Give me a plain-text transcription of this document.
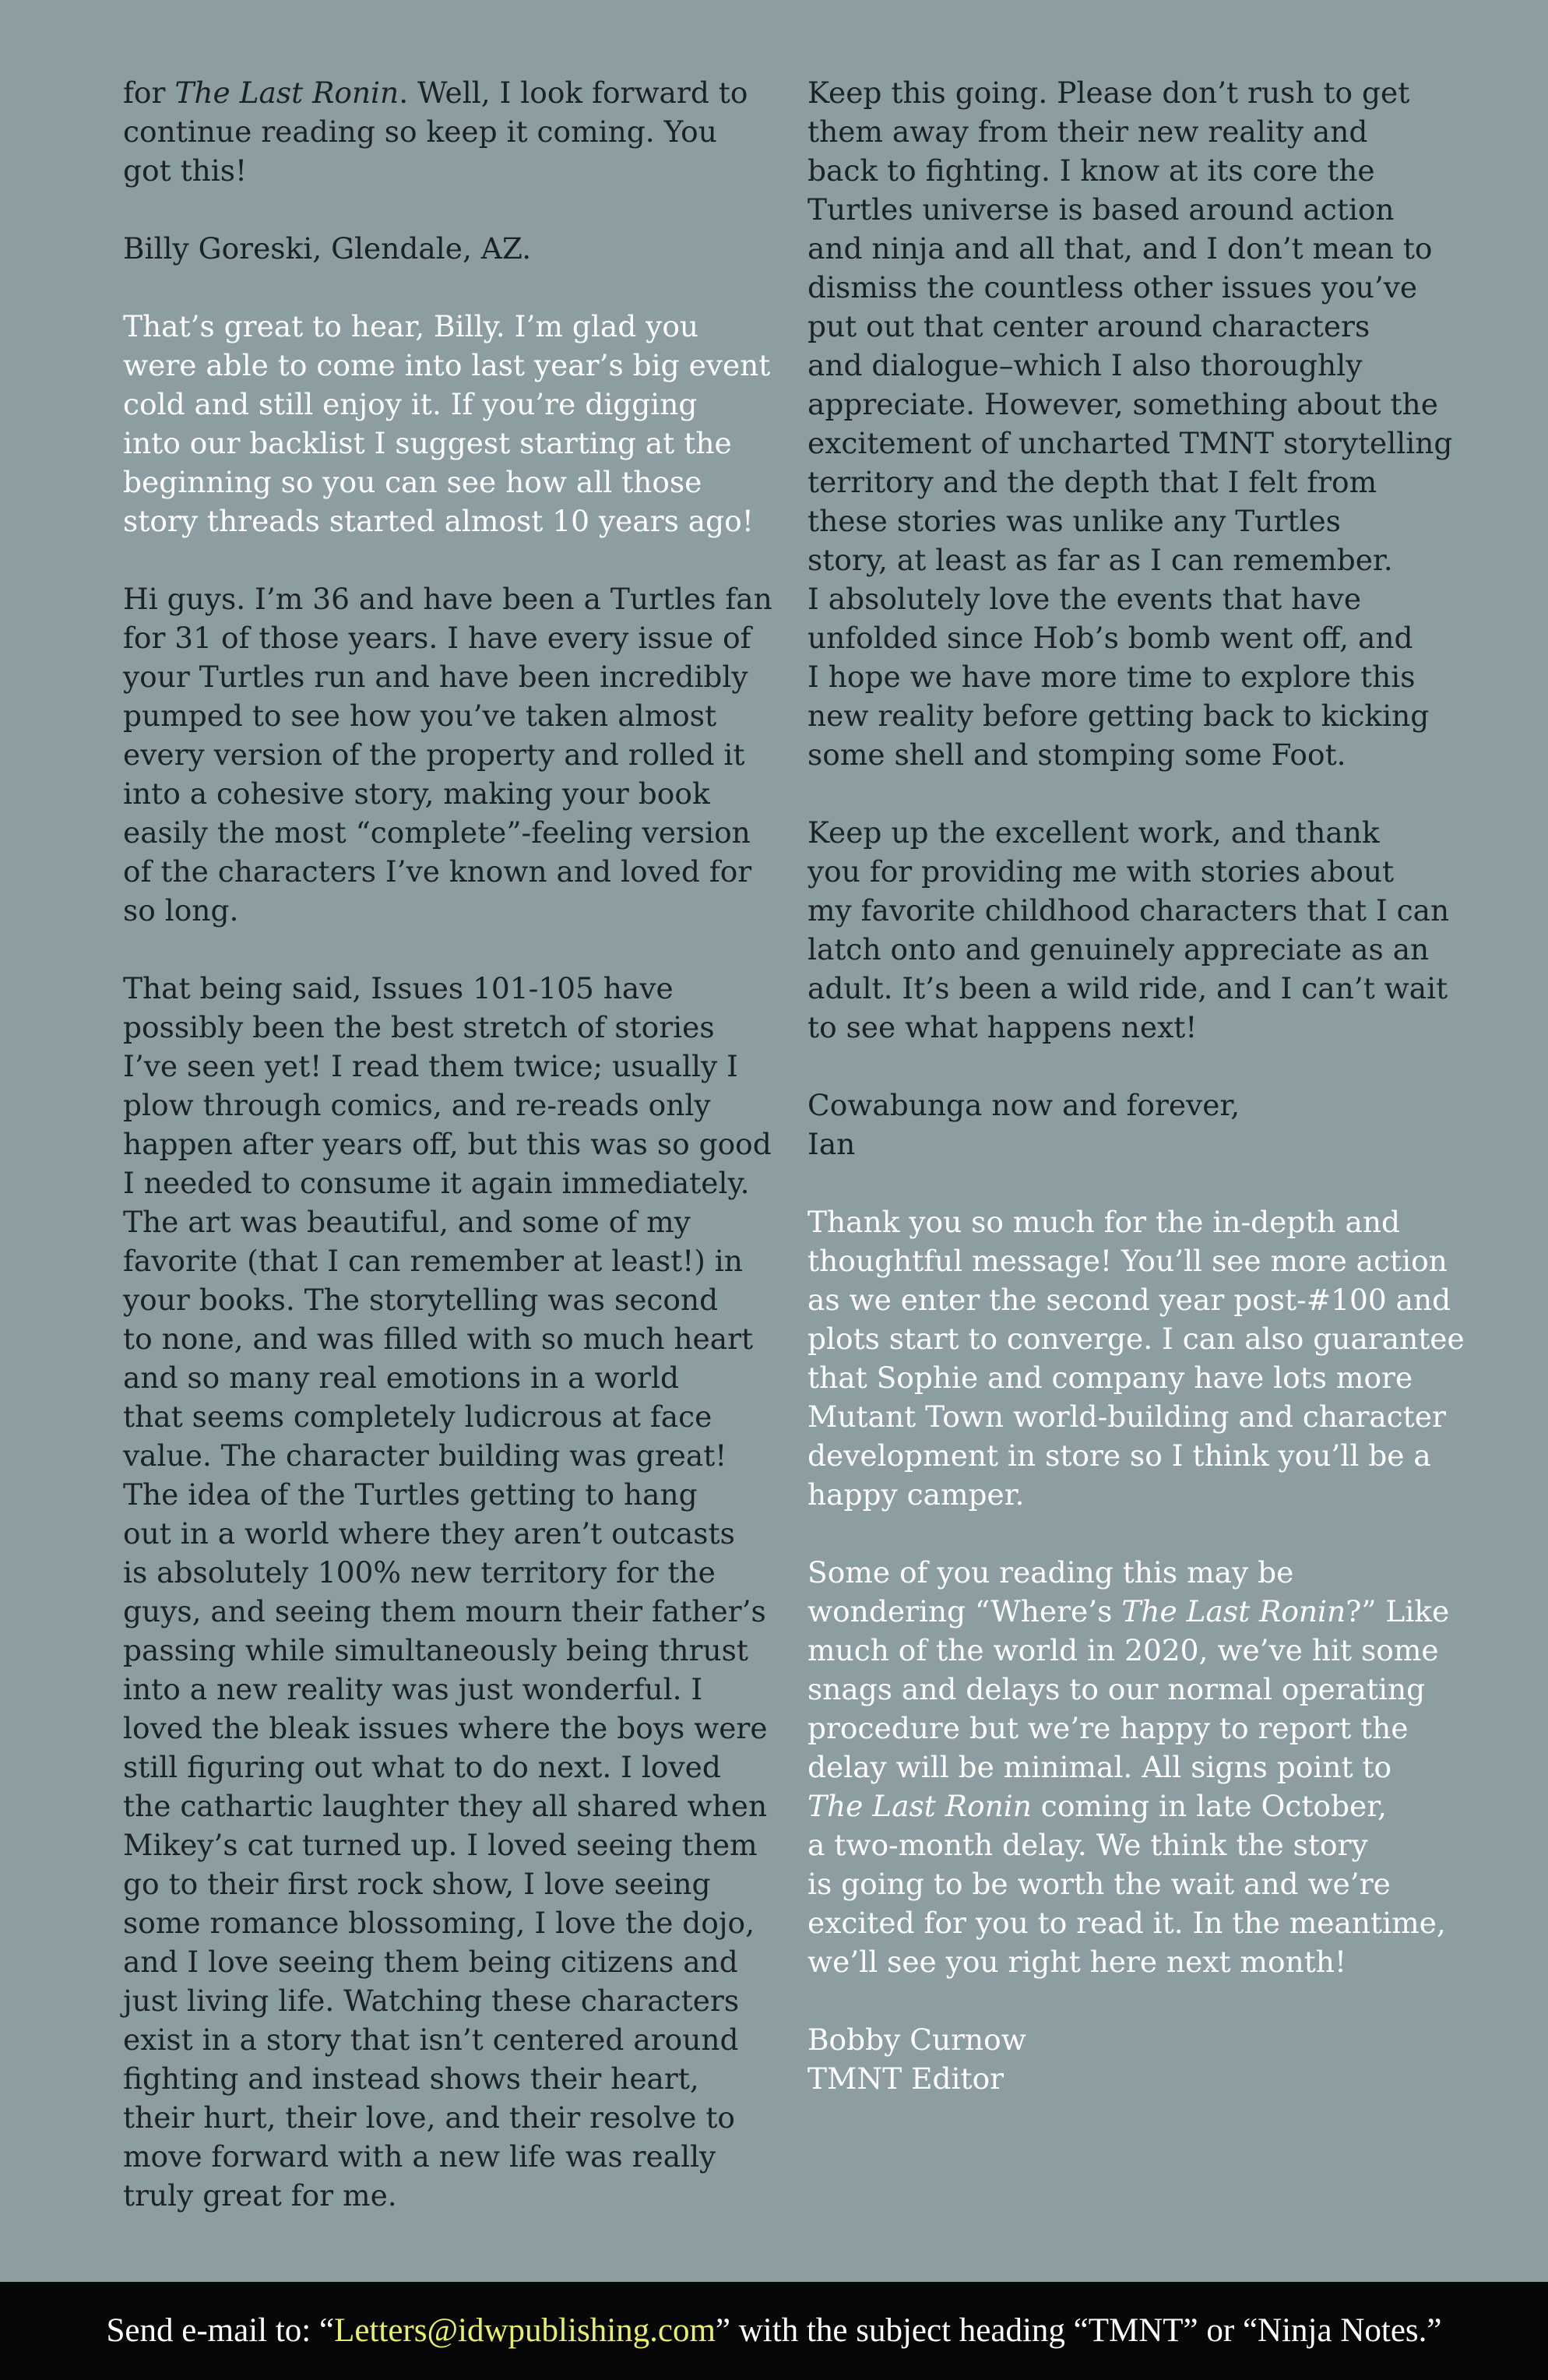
for The Last Ronin. Well, I look forward to
continue reading so keep it coming. You
got this!
Billy Goreski, Glendale, AZ.
That’s great to hear, Billy. I’m glad you
were able to come into last year’s big event
cold and still enjoy it. If you’re digging
into our backlist I suggest starting at the
beginning so you can see how all those
story threads started almost 10 years ago!
Hi guys. I’m 36 and have been a Turtles fan
for 31 of those years. I have every issue of
your Turtles run and have been incredibly
pumped to see how you’ve taken almost
every version of the property and rolled it
into a cohesive story, making your book
easily the most “complete”-feeling version
of the characters I’ve known and loved for
so long.
That being said, Issues 101-105 have
possibly been the best stretch of stories
I’ve seen yet! I read them twice; usually I
plow through comics, and re-reads only
happen after years off, but this was so good
I needed to consume it again immediately.
The art was beautiful, and some of my
favorite (that I can remember at least!) in
your books. The storytelling was second
to none, and was filled with so much heart
and so many real emotions in a world
that seems completely ludicrous at face
value. The character building was great!
The idea of the Turtles getting to hang
out in a world where they aren’t outcasts
is absolutely 100% new territory for the
guys, and seeing them mourn their father’s
passing while simultaneously being thrust
into a new reality was just wonderful. I
loved the bleak issues where the boys were
still figuring out what to do next. I loved
the cathartic laughter they all shared when
Mikey’s cat turned up. I loved seeing them
go to their first rock show, I love seeing
some romance blossoming, I love the dojo,
and I love seeing them being citizens and
just living life. Watching these characters
exist in a story that isn’t centered around
fighting and instead shows their heart,
their hurt, their love, and their resolve to
move forward with a new life was really
truly great for me.
Keep this going. Please don’t rush to get
them away from their new reality and
back to fighting. I know at its core the
Turtles universe is based around action
and ninja and all that, and I don’t mean to
dismiss the countless other issues you’ve
put out that center around characters
and dialogue–which I also thoroughly
appreciate. However, something about the
excitement of uncharted TMNT storytelling
territory and the depth that I felt from
these stories was unlike any Turtles
story, at least as far as I can remember.
I absolutely love the events that have
unfolded since Hob’s bomb went off, and
I hope we have more time to explore this
new reality before getting back to kicking
some shell and stomping some Foot.
Keep up the excellent work, and thank
you for providing me with stories about
my favorite childhood characters that I can
latch onto and genuinely appreciate as an
adult. It’s been a wild ride, and I can’t wait
to see what happens next!
Cowabunga now and forever,
Ian
Thank you so much for the in-depth and
thoughtful message! You’ll see more action
as we enter the second year post-#100 and
plots start to converge. I can also guarantee
that Sophie and company have lots more
Mutant Town world-building and character
development in store so I think you’ll be a
happy camper.
Some of you reading this may be
wondering “Where’s The Last Ronin?” Like
much of the world in 2020, we’ve hit some
snags and delays to our normal operating
procedure but we’re happy to report the
delay will be minimal. All signs point to
The Last Ronin coming in late October,
a two-month delay. We think the story
is going to be worth the wait and we’re
excited for you to read it. In the meantime,
we’ll see you right here next month!
Bobby Curnow
TMNT Editor
Send e-mail to: “Letters@idwpublishing.com” with the subject heading “TMNT” or “Ninja Notes.”
